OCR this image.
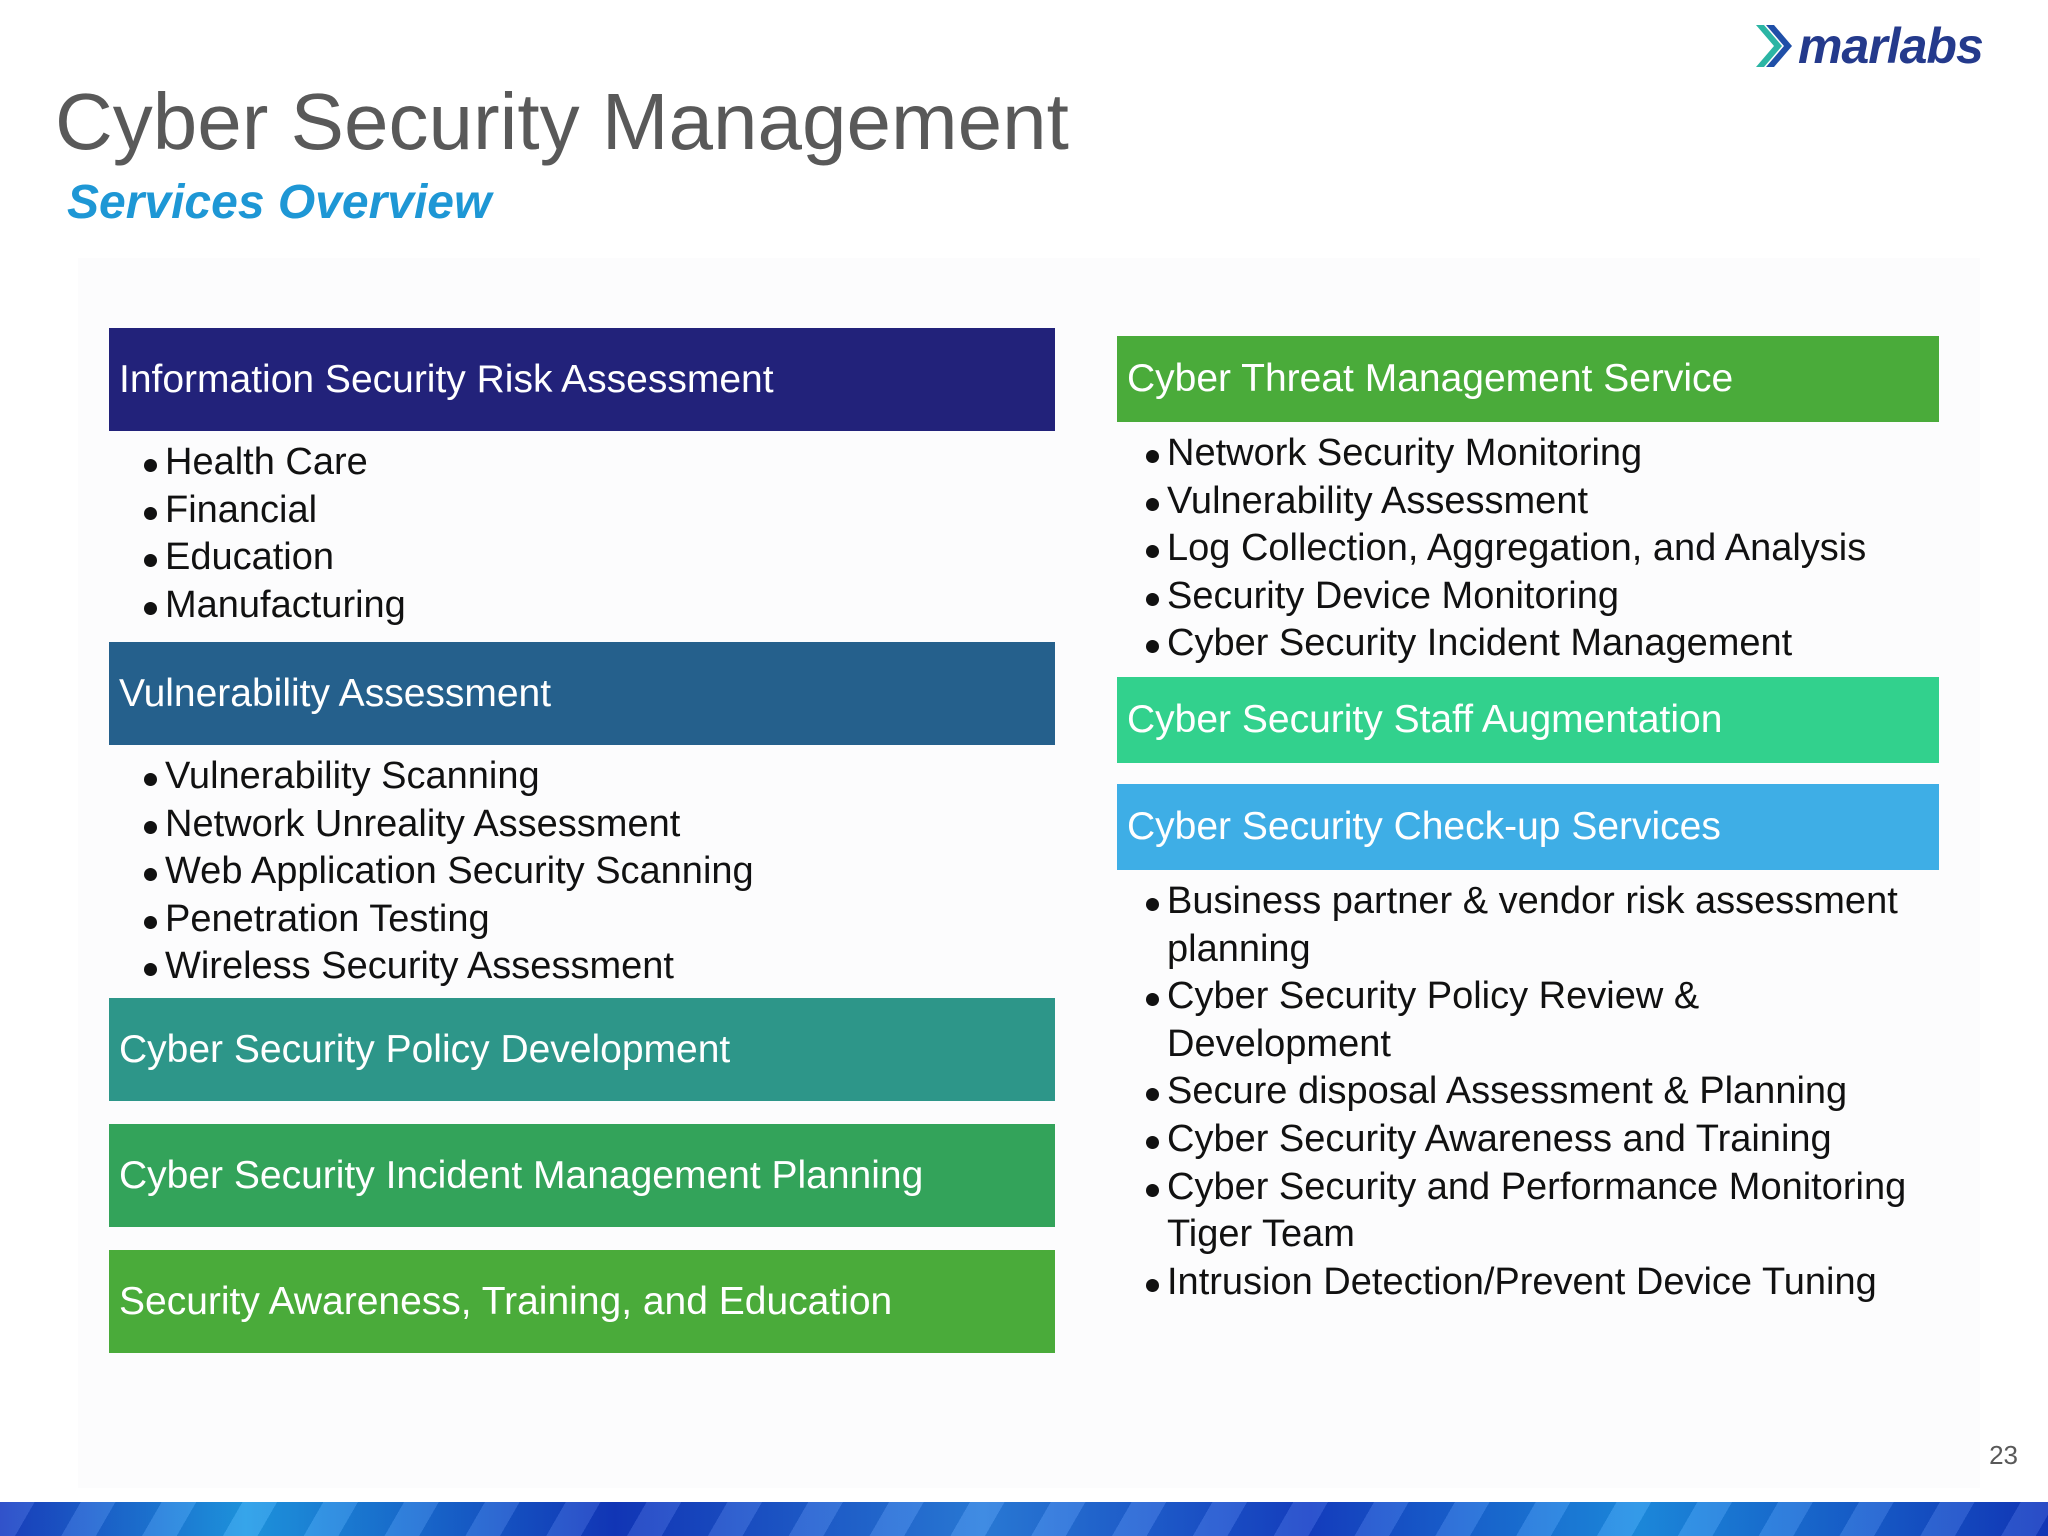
marlabs
Cyber Security Management
Services Overview
Information Security Risk Assessment
Health Care
Financial
Education
Manufacturing
Vulnerability Assessment
Vulnerability Scanning
Network Unreality Assessment
Web Application Security Scanning
Penetration Testing
Wireless Security Assessment
Cyber Security Policy Development
Cyber Security Incident Management Planning
Security Awareness, Training, and Education
Cyber Threat Management Service
Network Security Monitoring
Vulnerability Assessment
Log Collection, Aggregation, and Analysis
Security Device Monitoring
Cyber Security Incident Management
Cyber Security Staff Augmentation
Cyber Security Check-up Services
Business partner & vendor risk assessment planning
Cyber Security Policy Review & Development
Secure disposal Assessment & Planning
Cyber Security Awareness and Training
Cyber Security and Performance Monitoring Tiger Team
Intrusion Detection/Prevent Device Tuning
23
